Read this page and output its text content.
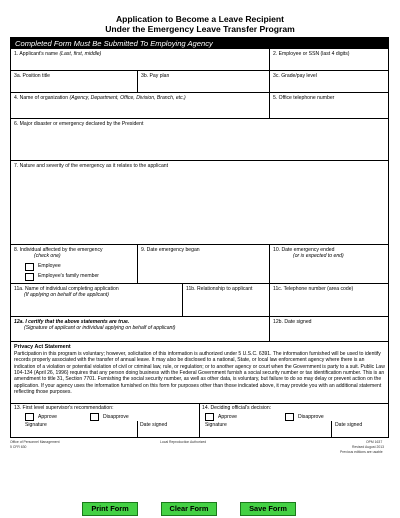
Application to Become a Leave Recipient
Under the Emergency Leave Transfer Program
Completed Form Must Be Submitted To Employing Agency
1. Applicant's name (Last, first, middle)	2. Employee or SSN (last 4 digits)
3a. Position title	3b. Pay plan	3c. Grade/pay level
4. Name of organization (Agency, Department, Office, Division, Branch, etc.)	5. Office telephone number
6. Major disaster or emergency declared by the President
7. Nature and severity of the emergency as it relates to the applicant
8. Individual affected by the emergency
(check one)
Employee
Employee's family member
9. Date emergency began	10. Date emergency ended
(or is expected to end)
11a. Name of individual completing application
(If applying on behalf of the applicant)
11b. Relationship to applicant	11c. Telephone number (area code)
12a. I certify that the above statements are true.
(Signature of applicant or individual applying on behalf of applicant)
12b. Date signed
Privacy Act Statement
Participation in this program is voluntary; however, solicitation of this information is authorized under 5 U.S.C. 6391. The information furnished will be used to identify records properly associated with the transfer of annual leave. It may also be disclosed to a national, State, or local law enforcement agency where there is an indication of a violation or potential violation of civil or criminal law, rule, or regulation; or to another agency or court when the Government is party to a suit. Public Law 104-134 (April 26, 1996) requires that any person doing business with the Federal Government furnish a social security number or tax identification number. This is an amendment to title 31, Section 7701. Furnishing the social security number, as well as other data, is voluntary, but failure to do so may delay or prevent action on the application. If your agency uses the information furnished on this form for purposes other than those indicated above, it may provide you with an additional statement reflecting those purposes.
13. First level supervisor's recommendation:
Approve	Disapprove
Signature	Date signed
14. Deciding official's decision:
Approve	Disapprove
Signature	Date signed
Office of Personnel Management
5 CFR 630
Local Reproduction Authorized	OPM 1637
Revised August 2013
Previous editions are usable
Print Form	Clear Form	Save Form
